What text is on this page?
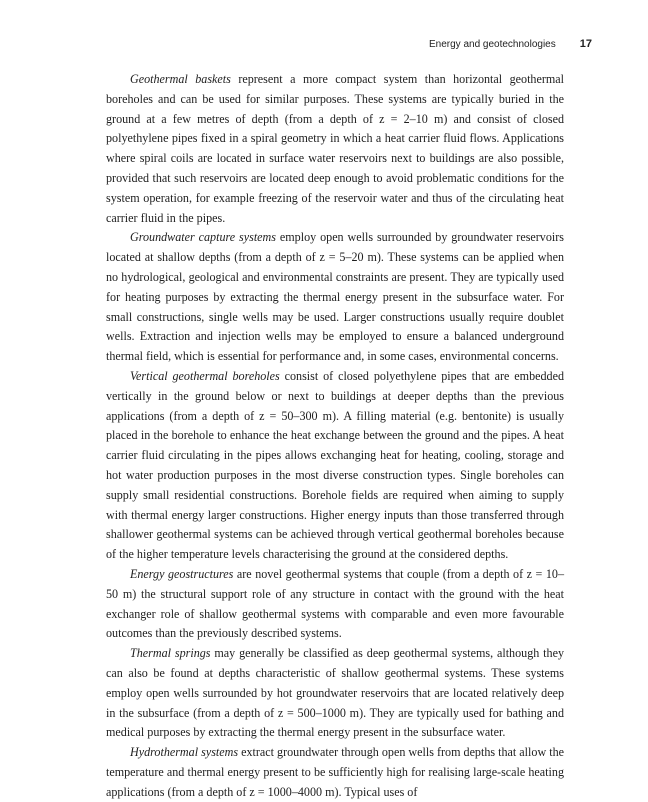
Energy and geotechnologies 17

Geothermal baskets represent a more compact system than horizontal geothermal boreholes and can be used for similar purposes. These systems are typically buried in the ground at a few metres of depth (from a depth of z = 2–10 m) and consist of closed polyethylene pipes fixed in a spiral geometry in which a heat carrier fluid flows. Applications where spiral coils are located in surface water reservoirs next to buildings are also possible, provided that such reservoirs are located deep enough to avoid problematic conditions for the system operation, for example freezing of the reservoir water and thus of the circulating heat carrier fluid in the pipes.

Groundwater capture systems employ open wells surrounded by groundwater reservoirs located at shallow depths (from a depth of z = 5–20 m). These systems can be applied when no hydrological, geological and environmental constraints are present. They are typically used for heating purposes by extracting the thermal energy present in the subsurface water. For small constructions, single wells may be used. Larger constructions usually require doublet wells. Extraction and injection wells may be employed to ensure a balanced underground thermal field, which is essential for performance and, in some cases, environmental concerns.

Vertical geothermal boreholes consist of closed polyethylene pipes that are embedded vertically in the ground below or next to buildings at deeper depths than the previous applications (from a depth of z = 50–300 m). A filling material (e.g. bentonite) is usually placed in the borehole to enhance the heat exchange between the ground and the pipes. A heat carrier fluid circulating in the pipes allows exchanging heat for heating, cooling, storage and hot water production purposes in the most diverse construction types. Single boreholes can supply small residential constructions. Borehole fields are required when aiming to supply with thermal energy larger constructions. Higher energy inputs than those transferred through shallower geothermal systems can be achieved through vertical geothermal boreholes because of the higher temperature levels characterising the ground at the considered depths.

Energy geostructures are novel geothermal systems that couple (from a depth of z = 10–50 m) the structural support role of any structure in contact with the ground with the heat exchanger role of shallow geothermal systems with comparable and even more favourable outcomes than the previously described systems.

Thermal springs may generally be classified as deep geothermal systems, although they can also be found at depths characteristic of shallow geothermal systems. These systems employ open wells surrounded by hot groundwater reservoirs that are located relatively deep in the subsurface (from a depth of z = 500–1000 m). They are typically used for bathing and medical purposes by extracting the thermal energy present in the subsurface water.

Hydrothermal systems extract groundwater through open wells from depths that allow the temperature and thermal energy present to be sufficiently high for realising large-scale heating applications (from a depth of z = 1000–4000 m). Typical uses of
